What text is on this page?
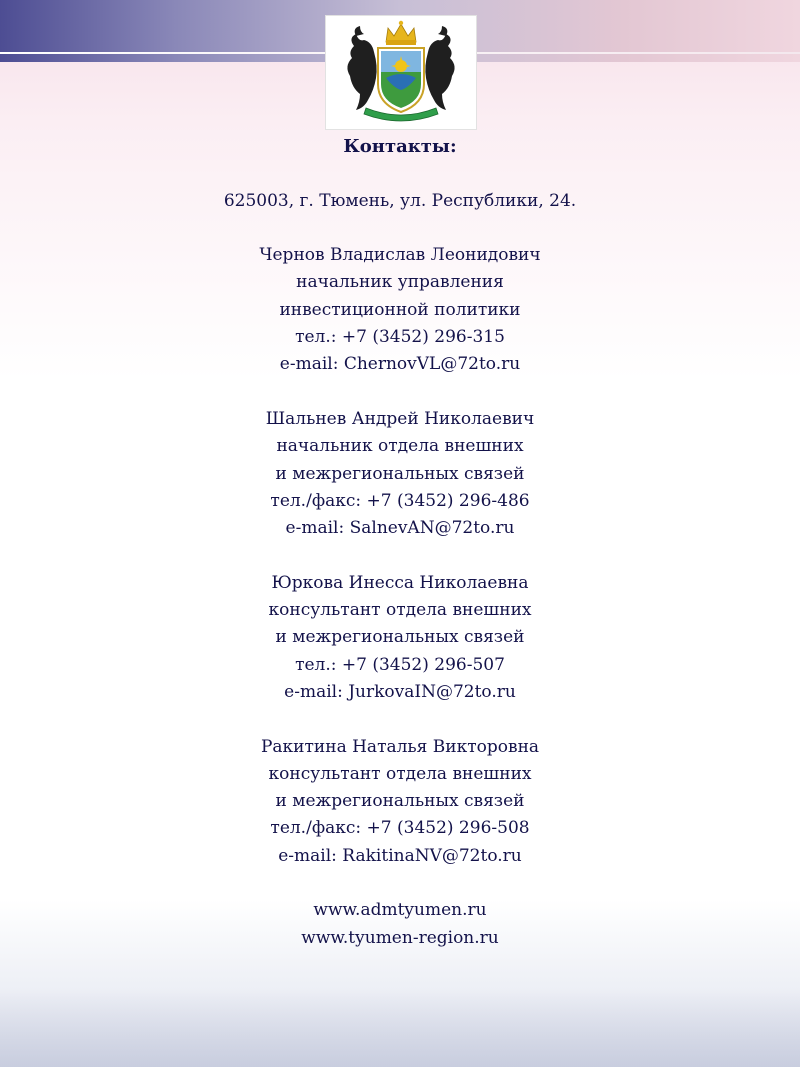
Контакты:
625003, г. Тюмень, ул. Республики, 24.
Чернов Владислав Леонидович
начальник управления
инвестиционной политики
тел.: +7 (3452) 296-315
e-mail: ChernovVL@72to.ru
Шальнев Андрей Николаевич
начальник отдела внешних
и межрегиональных связей
тел./факс: +7 (3452) 296-486
e-mail: SalnevAN@72to.ru
Юркова Инесса Николаевна
консультант отдела внешних
и межрегиональных связей
тел.: +7 (3452) 296-507
e-mail: JurkovaIN@72to.ru
Ракитина Наталья Викторовна
консультант отдела внешних
и межрегиональных связей
тел./факс: +7 (3452) 296-508
e-mail: RakitinaNV@72to.ru
www.admtyumen.ru
www.tyumen-region.ru
